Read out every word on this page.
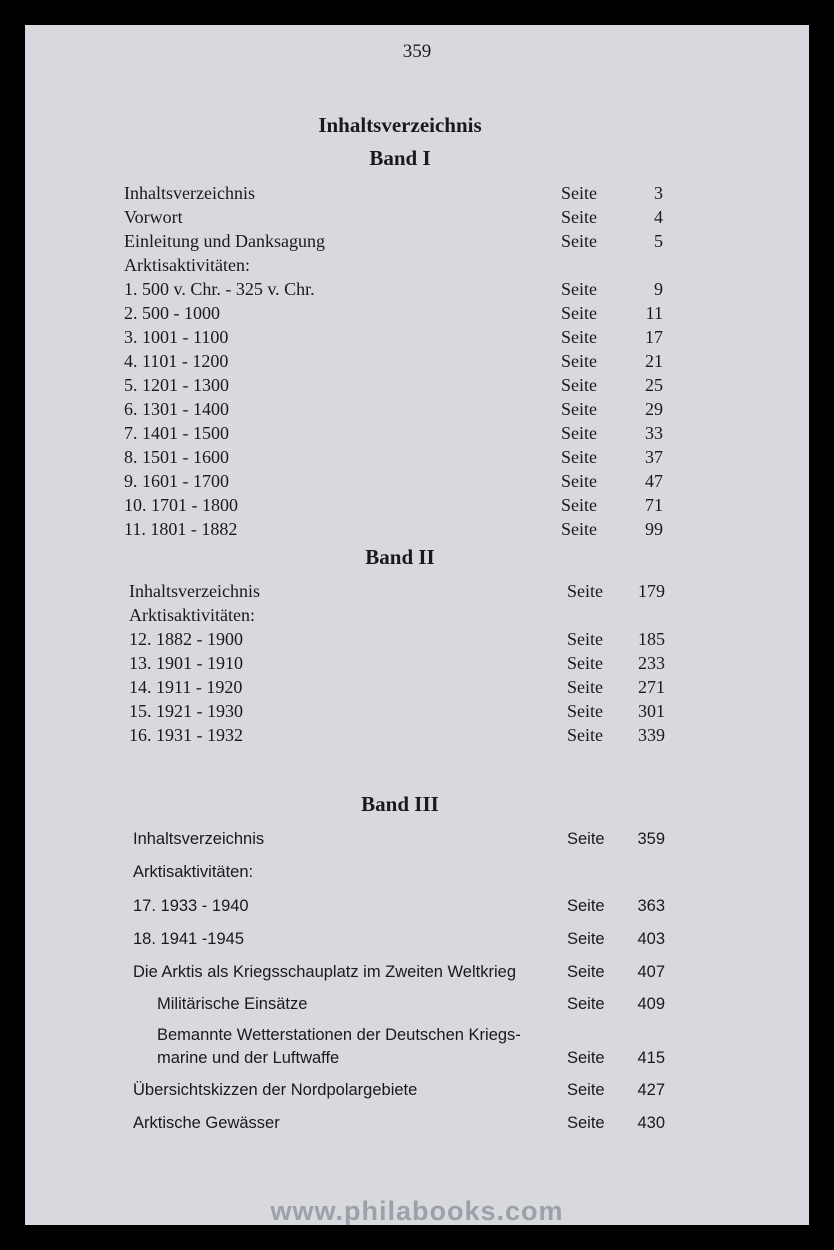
359
Inhaltsverzeichnis
Band I
Inhaltsverzeichnis	Seite	3
Vorwort	Seite	4
Einleitung und Danksagung	Seite	5
Arktisaktivitäten:
1. 500 v. Chr. - 325 v. Chr.	Seite	9
2. 500 - 1000	Seite	11
3. 1001 - 1100	Seite	17
4. 1101 - 1200	Seite	21
5. 1201 - 1300	Seite	25
6. 1301 - 1400	Seite	29
7. 1401 - 1500	Seite	33
8. 1501 - 1600	Seite	37
9. 1601 - 1700	Seite	47
10. 1701 - 1800	Seite	71
11. 1801 - 1882	Seite	99
Band II
Inhaltsverzeichnis	Seite	179
Arktisaktivitäten:
12. 1882 - 1900	Seite	185
13. 1901 - 1910	Seite	233
14. 1911 - 1920	Seite	271
15. 1921 - 1930	Seite	301
16. 1931 - 1932	Seite	339
Band III
Inhaltsverzeichnis	Seite	359
Arktisaktivitäten:
17. 1933 - 1940	Seite	363
18. 1941 -1945	Seite	403
Die Arktis als Kriegsschauplatz im Zweiten Weltkrieg	Seite	407
Militärische Einsätze	Seite	409
Bemannte Wetterstationen der Deutschen Kriegs-
marine und der Luftwaffe	Seite	415
Übersichtskizzen der Nordpolargebiete	Seite	427
Arktische Gewässer	Seite	430
www.philabooks.com
